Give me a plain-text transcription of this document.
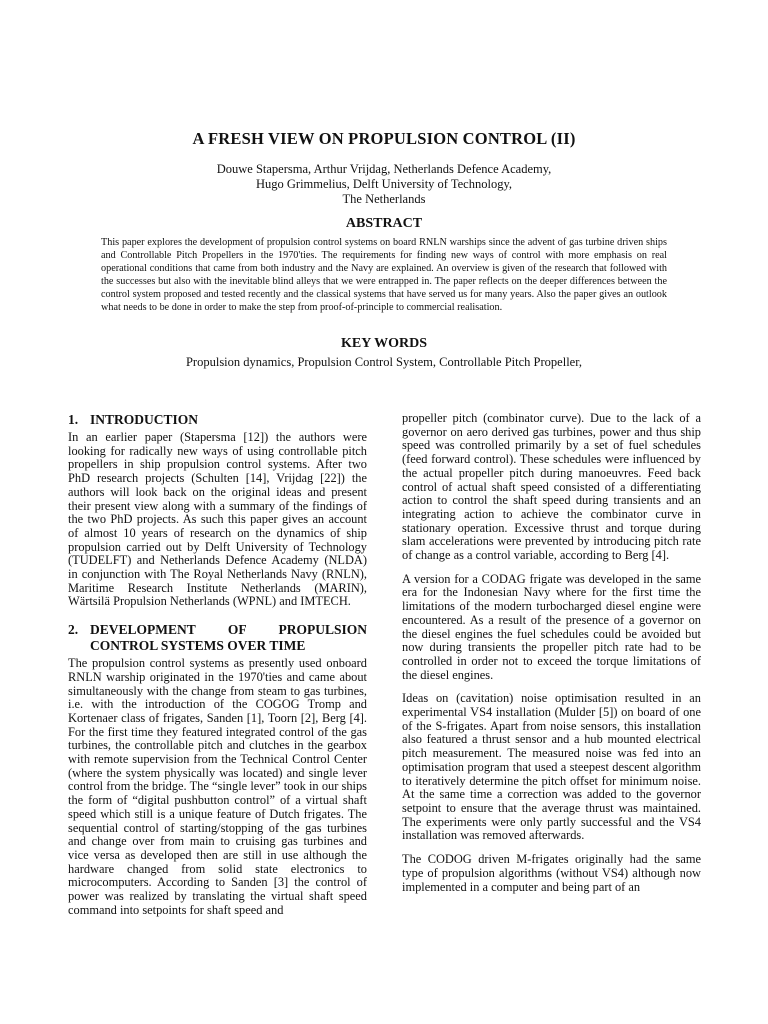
A FRESH VIEW ON PROPULSION CONTROL (II)
Douwe Stapersma, Arthur Vrijdag, Netherlands Defence Academy,
Hugo Grimmelius, Delft University of Technology,
The Netherlands
ABSTRACT
This paper explores the development of propulsion control systems on board RNLN warships since the advent of gas turbine driven ships and Controllable Pitch Propellers in the 1970'ties. The requirements for finding new ways of control with more emphasis on real operational conditions that came from both industry and the Navy are explained. An overview is given of the research that followed with the successes but also with the inevitable blind alleys that we were entrapped in. The paper reflects on the deeper differences between the control system proposed and tested recently and the classical systems that have served us for many years. Also the paper gives an outlook what needs to be done in order to make the step from proof-of-principle to commercial realisation.
KEY WORDS
Propulsion dynamics, Propulsion Control System, Controllable Pitch Propeller,
1. INTRODUCTION

In an earlier paper (Stapersma [12]) the authors were looking for radically new ways of using controllable pitch propellers in ship propulsion control systems. After two PhD research projects (Schulten [14], Vrijdag [22]) the authors will look back on the original ideas and present their present view along with a summary of the findings of the two PhD projects. As such this paper gives an account of almost 10 years of research on the dynamics of ship propulsion carried out by Delft University of Technology (TUDELFT) and Netherlands Defence Academy (NLDA) in conjunction with The Royal Netherlands Navy (RNLN), Maritime Research Institute Netherlands (MARIN), Wärtsilä Propulsion Netherlands (WPNL) and IMTECH.

2. DEVELOPMENT OF PROPULSION CONTROL SYSTEMS OVER TIME

The propulsion control systems as presently used onboard RNLN warship originated in the 1970'ties and came about simultaneously with the change from steam to gas turbines, i.e. with the introduction of the COGOG Tromp and Kortenaer class of frigates, Sanden [1], Toorn [2], Berg [4]. For the first time they featured integrated control of the gas turbines, the controllable pitch and clutches in the gearbox with remote supervision from the Technical Control Center (where the system physically was located) and single lever control from the bridge. The “single lever” took in our ships the form of “digital pushbutton control” of a virtual shaft speed which still is a unique feature of Dutch frigates. The sequential control of starting/stopping of the gas turbines and change over from main to cruising gas turbines and vice versa as developed then are still in use although the hardware changed from solid state electronics to microcomputers. According to Sanden [3] the control of power was realized by translating the virtual shaft speed command into setpoints for shaft speed and

propeller pitch (combinator curve). Due to the lack of a governor on aero derived gas turbines, power and thus ship speed was controlled primarily by a set of fuel schedules (feed forward control). These schedules were influenced by the actual propeller pitch during manoeuvres. Feed back control of actual shaft speed consisted of a differentiating action to control the shaft speed during transients and an integrating action to achieve the combinator curve in stationary operation. Excessive thrust and torque during slam accelerations were prevented by introducing pitch rate of change as a control variable, according to Berg [4].

A version for a CODAG frigate was developed in the same era for the Indonesian Navy where for the first time the limitations of the modern turbocharged diesel engine were encountered. As a result of the presence of a governor on the diesel engines the fuel schedules could be avoided but now during transients the propeller pitch rate had to be controlled in order not to exceed the torque limitations of the diesel engines.

Ideas on (cavitation) noise optimisation resulted in an experimental VS4 installation (Mulder [5]) on board of one of the S-frigates. Apart from noise sensors, this installation also featured a thrust sensor and a hub mounted electrical pitch measurement. The measured noise was fed into an optimisation program that used a steepest descent algorithm to iteratively determine the pitch offset for minimum noise. At the same time a correction was added to the governor setpoint to ensure that the average thrust was maintained. The experiments were only partly successful and the VS4 installation was removed afterwards.

The CODOG driven M-frigates originally had the same type of propulsion algorithms (without VS4) although now implemented in a computer and being part of an
